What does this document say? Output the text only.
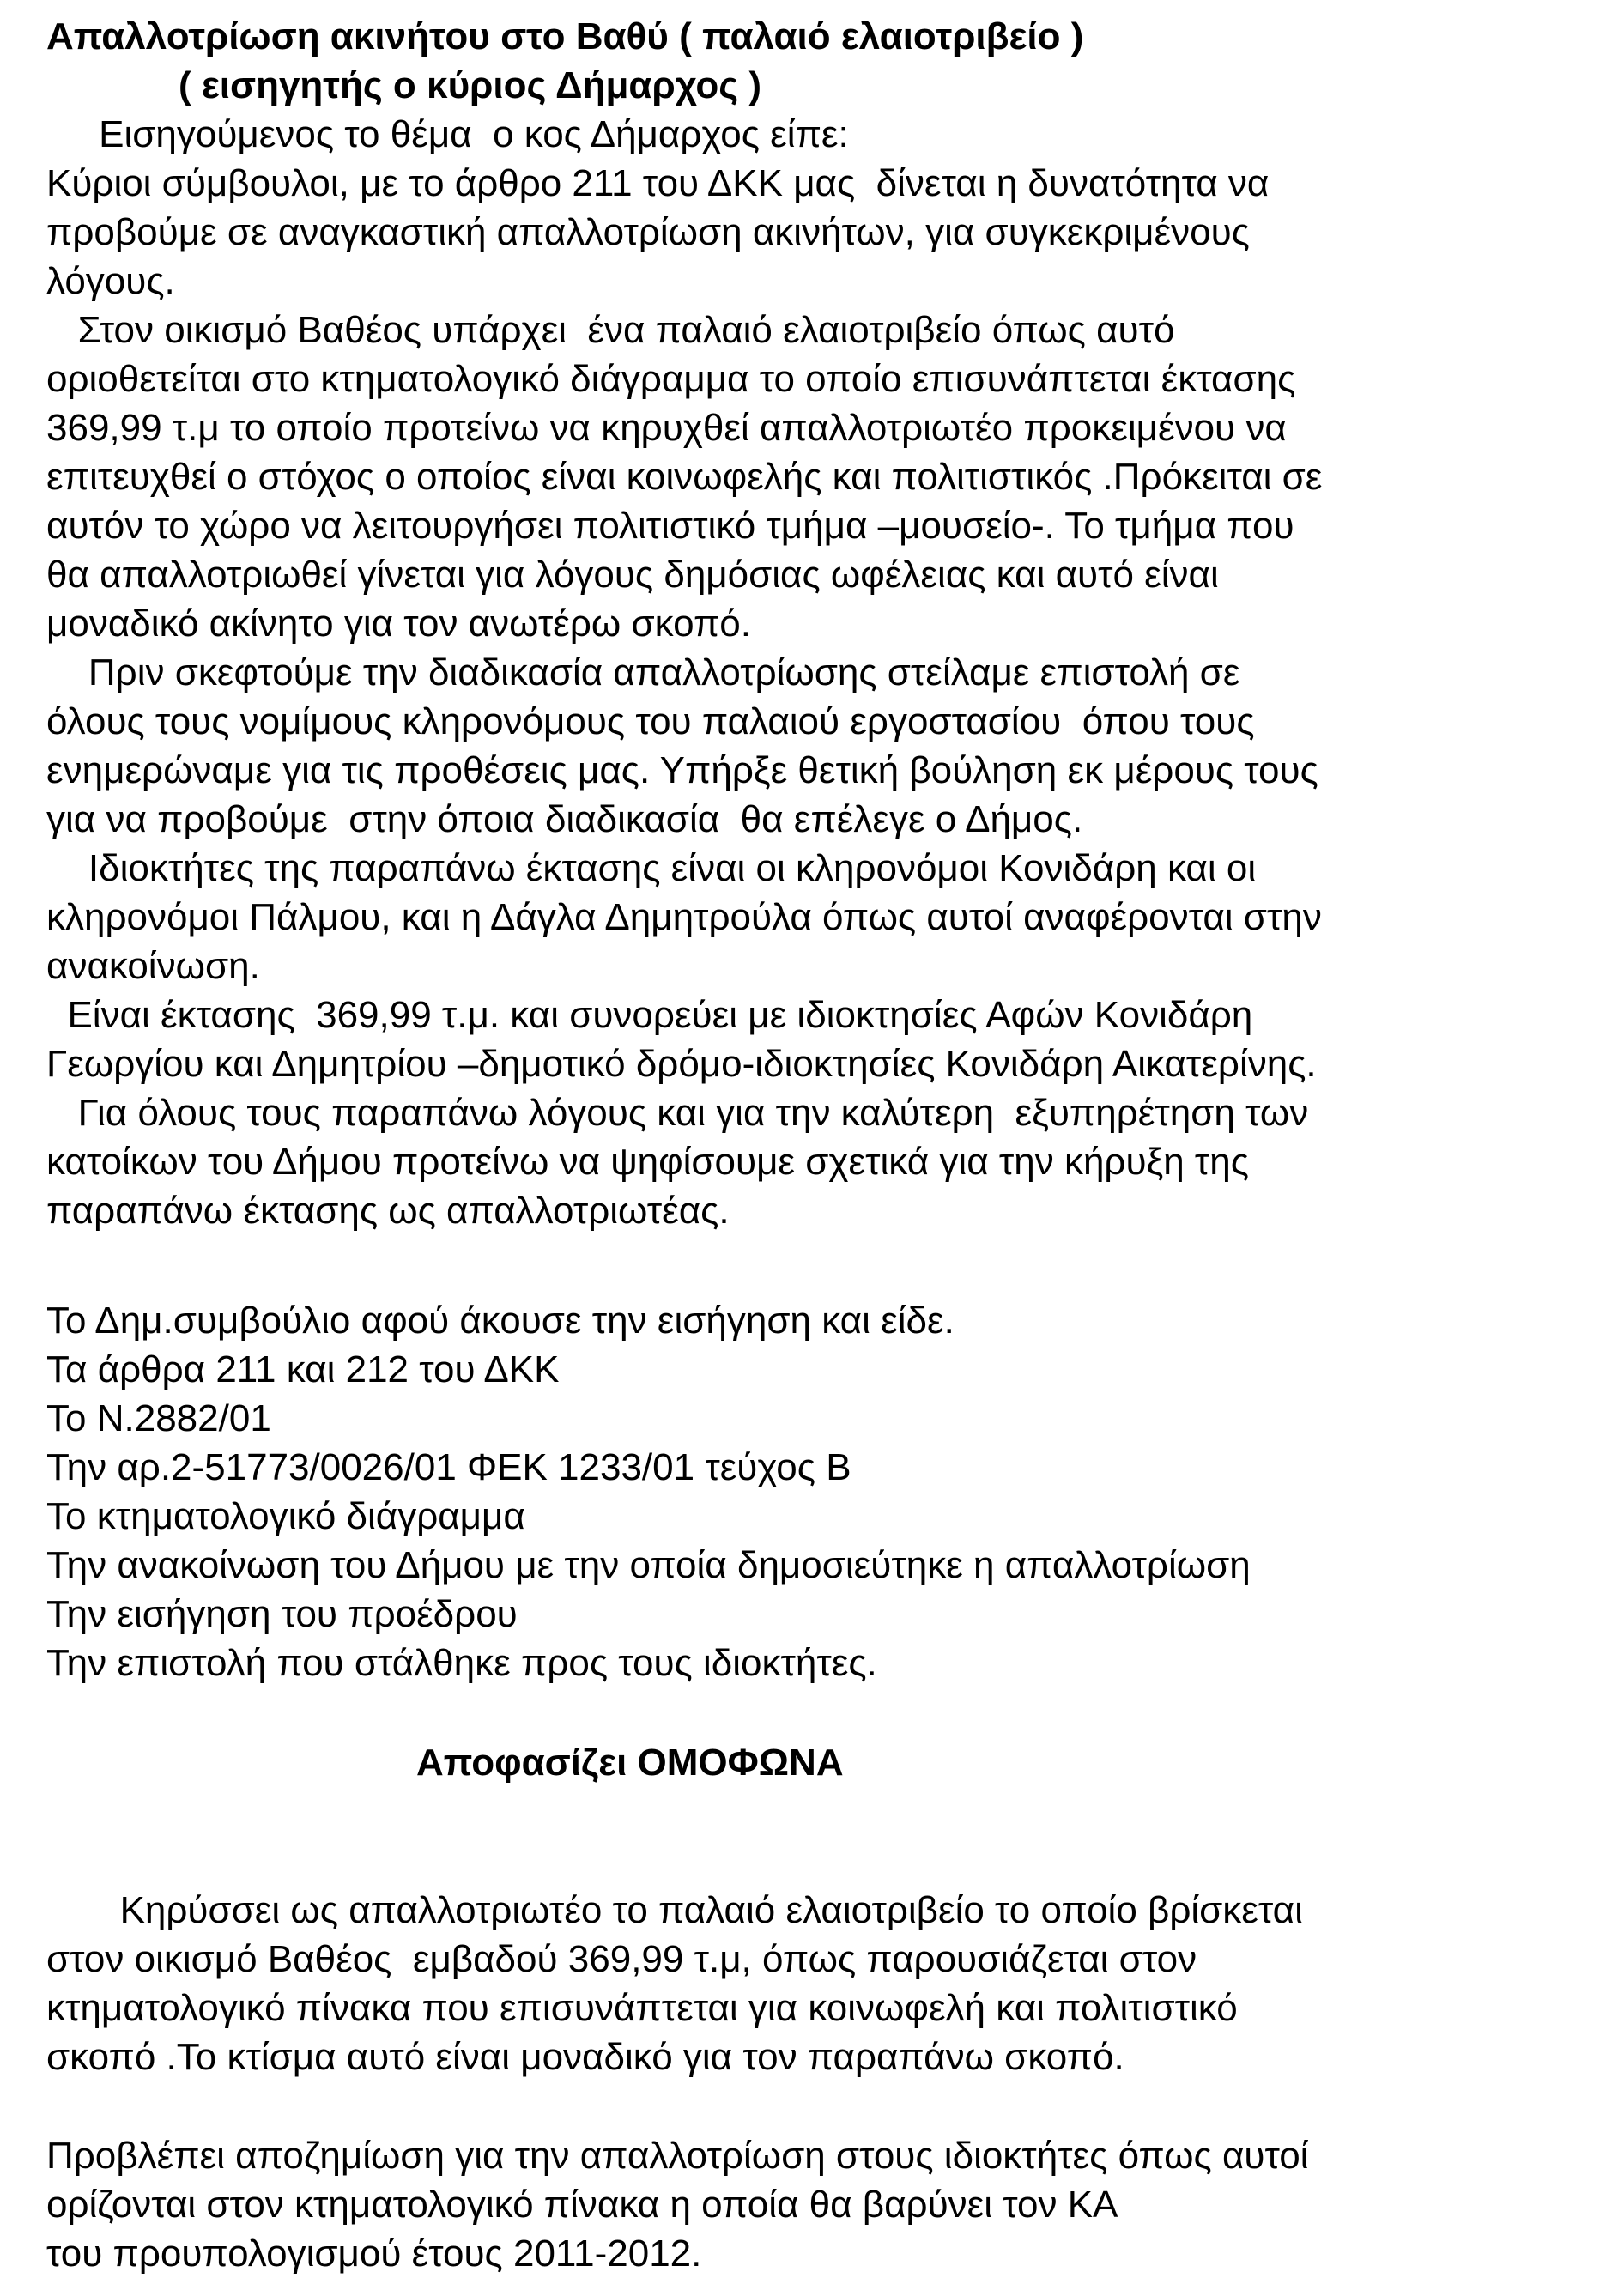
Απαλλοτρίωση ακινήτου στο Βαθύ ( παλαιό ελαιοτριβείο )
( εισηγητής ο κύριος Δήμαρχος )
Εισηγούμενος το θέμα  ο κος Δήμαρχος είπε:
Κύριοι σύμβουλοι, με το άρθρο 211 του ΔΚΚ μας  δίνεται η δυνατότητα να
προβούμε σε αναγκαστική απαλλοτρίωση ακινήτων, για συγκεκριμένους
λόγους.
Στον οικισμό Βαθέος υπάρχει  ένα παλαιό ελαιοτριβείο όπως αυτό
οριοθετείται στο κτηματολογικό διάγραμμα το οποίο επισυνάπτεται έκτασης
369,99 τ.μ το οποίο προτείνω να κηρυχθεί απαλλοτριωτέο προκειμένου να
επιτευχθεί ο στόχος ο οποίος είναι κοινωφελής και πολιτιστικός .Πρόκειται σε
αυτόν το χώρο να λειτουργήσει πολιτιστικό τμήμα –μουσείο-. Το τμήμα που
θα απαλλοτριωθεί γίνεται για λόγους δημόσιας ωφέλειας και αυτό είναι
μοναδικό ακίνητο για τον ανωτέρω σκοπό.
Πριν σκεφτούμε την διαδικασία απαλλοτρίωσης στείλαμε επιστολή σε
όλους τους νομίμους κληρονόμους του παλαιού εργοστασίου  όπου τους
ενημερώναμε για τις προθέσεις μας. Υπήρξε θετική βούληση εκ μέρους τους
για να προβούμε  στην όποια διαδικασία  θα επέλεγε ο Δήμος.
Ιδιοκτήτες της παραπάνω έκτασης είναι οι κληρονόμοι Κονιδάρη και οι
κληρονόμοι Πάλμου, και η Δάγλα Δημητρούλα όπως αυτοί αναφέρονται στην
ανακοίνωση.
Είναι έκτασης  369,99 τ.μ. και συνορεύει με ιδιοκτησίες Αφών Κονιδάρη
Γεωργίου και Δημητρίου –δημοτικό δρόμο-ιδιοκτησίες Κονιδάρη Αικατερίνης.
Για όλους τους παραπάνω λόγους και για την καλύτερη  εξυπηρέτηση των
κατοίκων του Δήμου προτείνω να ψηφίσουμε σχετικά για την κήρυξη της
παραπάνω έκτασης ως απαλλοτριωτέας.
Το Δημ.συμβούλιο αφού άκουσε την εισήγηση και είδε.
Τα άρθρα 211 και 212 του ΔΚΚ
Το Ν.2882/01
Την αρ.2-51773/0026/01 ΦΕΚ 1233/01 τεύχος Β
Το κτηματολογικό διάγραμμα
Την ανακοίνωση του Δήμου με την οποία δημοσιεύτηκε η απαλλοτρίωση
Την εισήγηση του προέδρου
Την επιστολή που στάλθηκε προς τους ιδιοκτήτες.
Αποφασίζει ΟΜΟΦΩΝΑ
Κηρύσσει ως απαλλοτριωτέο το παλαιό ελαιοτριβείο το οποίο βρίσκεται
στον οικισμό Βαθέος  εμβαδού 369,99 τ.μ, όπως παρουσιάζεται στον
κτηματολογικό πίνακα που επισυνάπτεται για κοινωφελή και πολιτιστικό
σκοπό .Το κτίσμα αυτό είναι μοναδικό για τον παραπάνω σκοπό.
Προβλέπει αποζημίωση για την απαλλοτρίωση στους ιδιοκτήτες όπως αυτοί
ορίζονται στον κτηματολογικό πίνακα η οποία θα βαρύνει τον ΚΑ
του προυπολογισμού έτους 2011-2012.
